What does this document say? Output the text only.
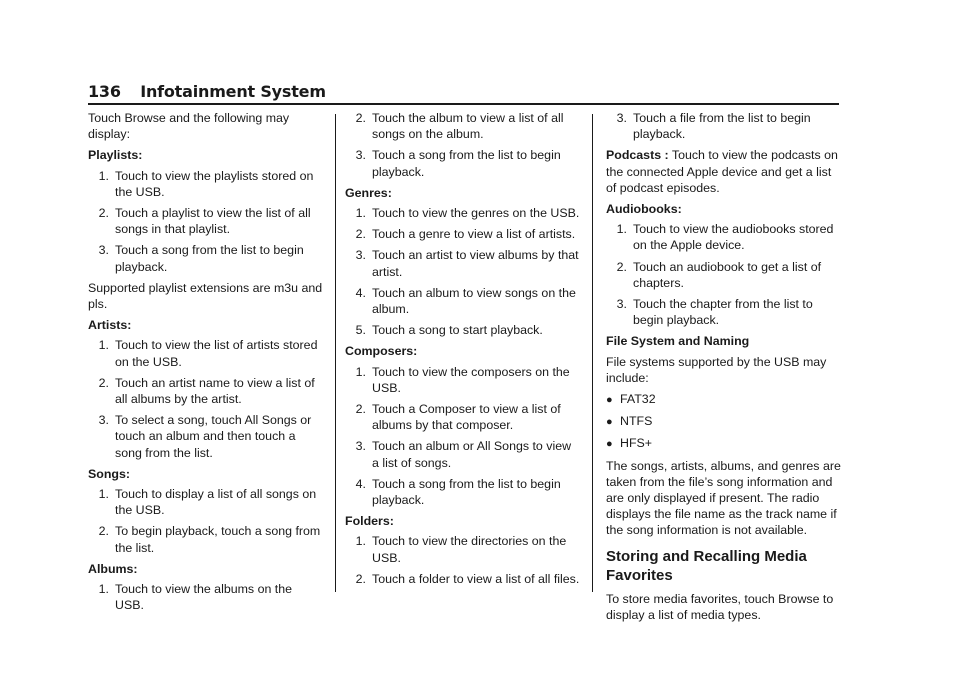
136 Infotainment System

Touch Browse and the following may display:

Playlists:
1. Touch to view the playlists stored on the USB.
2. Touch a playlist to view the list of all songs in that playlist.
3. Touch a song from the list to begin playback.

Supported playlist extensions are m3u and pls.

Artists:
1. Touch to view the list of artists stored on the USB.
2. Touch an artist name to view a list of all albums by the artist.
3. To select a song, touch All Songs or touch an album and then touch a song from the list.
Songs:
1. Touch to display a list of all songs on the USB.
2. To begin playback, touch a song from the list.
Albums:
1. Touch to view the albums on the USB.
2. Touch the album to view a list of all songs on the album.
3. Touch a song from the list to begin playback.
Genres:
1. Touch to view the genres on the USB.
2. Touch a genre to view a list of artists.
3. Touch an artist to view albums by that artist.
4. Touch an album to view songs on the album.
5. Touch a song to start playback.
Composers:
1. Touch to view the composers on the USB.
2. Touch a Composer to view a list of albums by that composer.
3. Touch an album or All Songs to view a list of songs.
4. Touch a song from the list to begin playback.
Folders:
1. Touch to view the directories on the USB.
2. Touch a folder to view a list of all files.
3. Touch a file from the list to begin playback.

Podcasts : Touch to view the podcasts on the connected Apple device and get a list of podcast episodes.

Audiobooks:
1. Touch to view the audiobooks stored on the Apple device.
2. Touch an audiobook to get a list of chapters.
3. Touch the chapter from the list to begin playback.
File System and Naming

File systems supported by the USB may include:

● FAT32
● NTFS
● HFS+

The songs, artists, albums, and genres are taken from the file’s song information and are only displayed if present. The radio displays the file name as the track name if the song information is not available.

Storing and Recalling Media Favorites

To store media favorites, touch Browse to display a list of media types.
